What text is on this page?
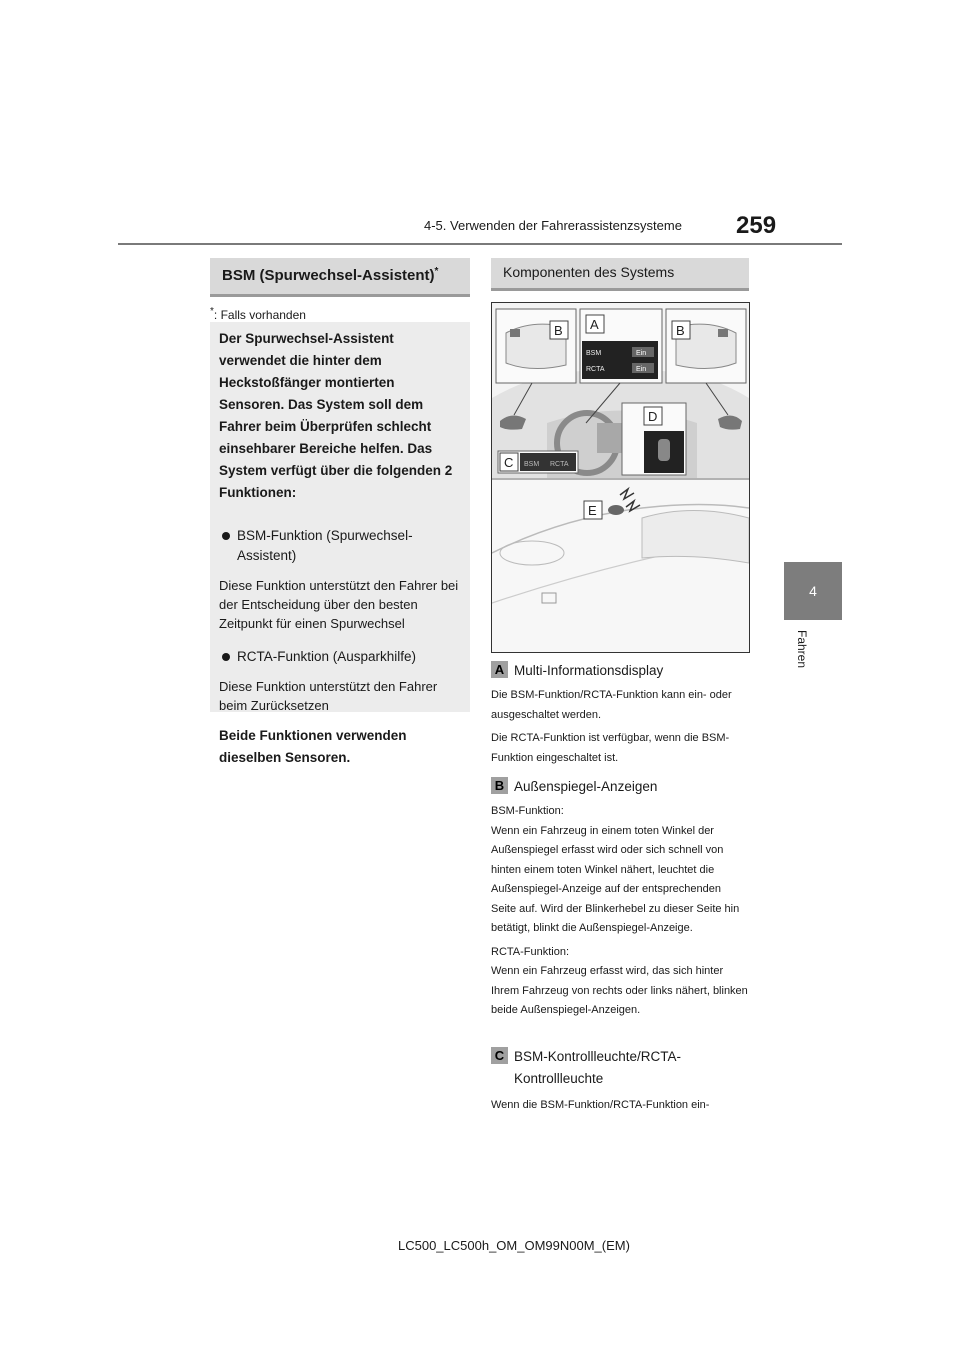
4-5. Verwenden der Fahrerassistenzsysteme 259
4
Fahren
BSM (Spurwechsel-Assistent)*
*: Falls vorhanden

Der Spurwechsel-Assistent verwendet die hinter dem Heckstoßfänger montierten Sensoren. Das System soll dem Fahrer beim Überprüfen schlecht einsehbarer Bereiche helfen. Das System verfügt über die folgenden 2 Funktionen:

BSM-Funktion (Spurwechsel-Assistent)

Diese Funktion unterstützt den Fahrer bei der Entscheidung über den besten Zeitpunkt für einen Spurwechsel

RCTA-Funktion (Ausparkhilfe)

Diese Funktion unterstützt den Fahrer beim Zurücksetzen

Beide Funktionen verwenden dieselben Sensoren.

Komponenten des Systems
B A
BSM
RCTA
Ein
Ein
B
D
C BSM RCTA
E
A Multi-Informationsdisplay

Die BSM-Funktion/RCTA-Funktion kann ein- oder ausgeschaltet werden.

Die RCTA-Funktion ist verfügbar, wenn die BSM-Funktion eingeschaltet ist.

B Außenspiegel-Anzeigen

BSM-Funktion:

Wenn ein Fahrzeug in einem toten Winkel der Außenspiegel erfasst wird oder sich schnell von hinten einem toten Winkel nähert, leuchtet die Außenspiegel-Anzeige auf der entsprechenden Seite auf. Wird der Blinkerhebel zu dieser Seite hin betätigt, blinkt die Außenspiegel-Anzeige.

RCTA-Funktion:

Wenn ein Fahrzeug erfasst wird, das sich hinter Ihrem Fahrzeug von rechts oder links nähert, blinken beide Außenspiegel-Anzeigen.

C BSM-Kontrollleuchte/RCTA-Kontrollleuchte

Wenn die BSM-Funktion/RCTA-Funktion ein-

LC500_LC500h_OM_OM99N00M_(EM)
